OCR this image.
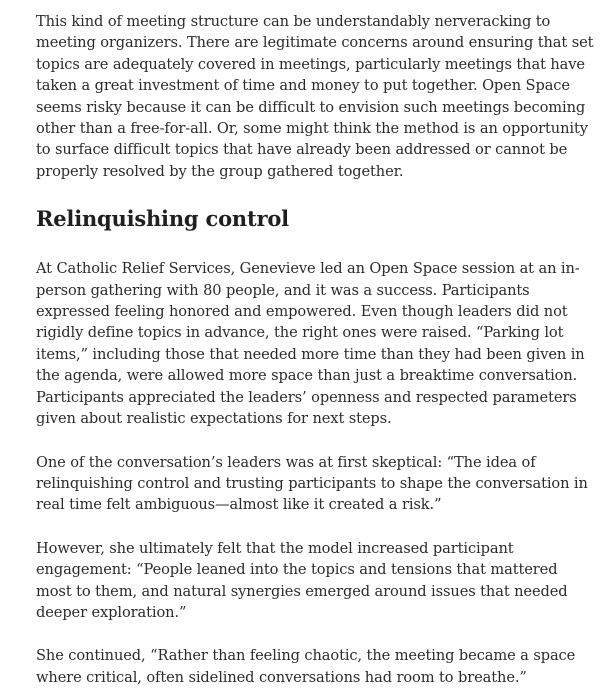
This kind of meeting structure can be understandably nerveracking to meeting organizers. There are legitimate concerns around ensuring that set topics are adequately covered in meetings, particularly meetings that have taken a great investment of time and money to put together. Open Space seems risky because it can be difficult to envision such meetings becoming other than a free-for-all. Or, some might think the method is an opportunity to surface difficult topics that have already been addressed or cannot be properly resolved by the group gathered together.

Relinquishing control

At Catholic Relief Services, Genevieve led an Open Space session at an in-person gathering with 80 people, and it was a success. Participants expressed feeling honored and empowered. Even though leaders did not rigidly define topics in advance, the right ones were raised. “Parking lot items,” including those that needed more time than they had been given in the agenda, were allowed more space than just a breaktime conversation. Participants appreciated the leaders’ openness and respected parameters given about realistic expectations for next steps.

One of the conversation’s leaders was at first skeptical: “The idea of relinquishing control and trusting participants to shape the conversation in real time felt ambiguous—almost like it created a risk.”

However, she ultimately felt that the model increased participant engagement: “People leaned into the topics and tensions that mattered most to them, and natural synergies emerged around issues that needed deeper exploration.”

She continued, “Rather than feeling chaotic, the meeting became a space where critical, often sidelined conversations had room to breathe.”
